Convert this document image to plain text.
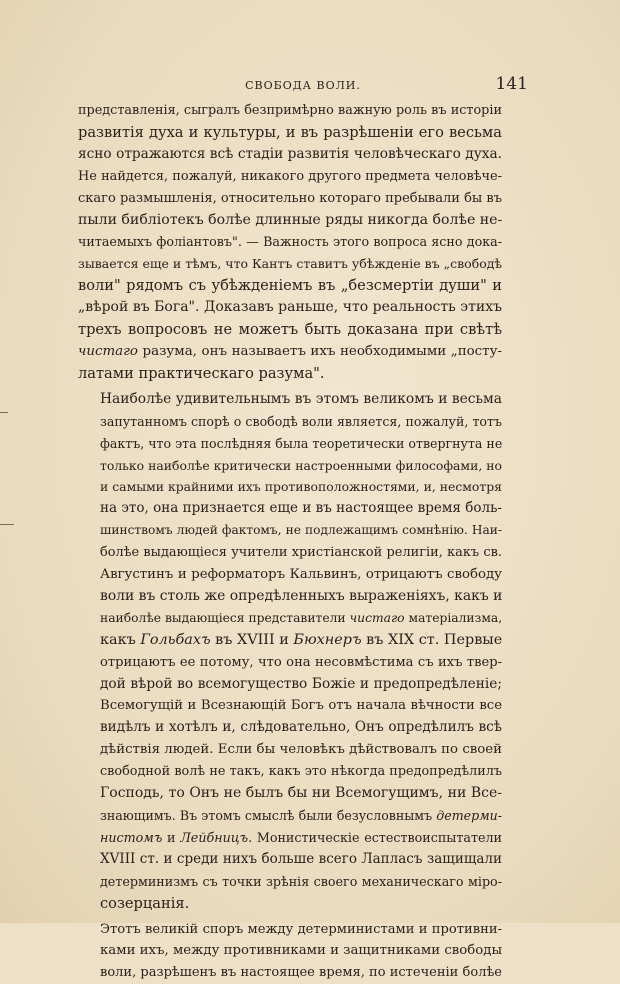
СВОБОДА ВОЛИ.	141

представленія, сыгралъ безпримѣрно важную роль въ исторіи
развитія духа и культуры, и въ разрѣшеніи его весьма
ясно отражаются всѣ стадіи развитія человѣческаго духа.
Не найдется, пожалуй, никакого другого предмета человѣче-
скаго размышленія, относительно котораго пребывали бы въ
пыли библіотекъ болѣе длинные ряды никогда болѣе не-
читаемыхъ фоліантовъ". — Важность этого вопроса ясно дока-
зывается еще и тѣмъ, что Кантъ ставитъ убѣжденіе въ „свободѣ
воли" рядомъ съ убѣжденіемъ въ „безсмертіи души" и
„вѣрой въ Бога". Доказавъ раньше, что реальность этихъ
трехъ вопросовъ не можетъ быть доказана при свѣтѣ
чистаго разума, онъ называетъ ихъ необходимыми „посту-
латами практическаго разума".

Наиболѣе удивительнымъ въ этомъ великомъ и весьма
запутанномъ спорѣ о свободѣ воли является, пожалуй, тотъ
фактъ, что эта послѣдняя была теоретически отвергнута не
только наиболѣе критически настроенными философами, но
и самыми крайними ихъ противоположностями, и, несмотря
на это, она признается еще и въ настоящее время боль-
шинствомъ людей фактомъ, не подлежащимъ сомнѣнію. Наи-
болѣе выдающіеся учители христіанской религіи, какъ св.
Августинъ и реформаторъ Кальвинъ, отрицаютъ свободу
воли въ столь же опредѣленныхъ выраженіяхъ, какъ и
наиболѣе выдающіеся представители чистаго матеріализма,
какъ Гольбахъ въ XVIII и Бюхнеръ въ XIX ст. Первые
отрицаютъ ее потому, что она несовмѣстима съ ихъ твер-
дой вѣрой во всемогущество Божіе и предопредѣленіе;
Всемогущій и Всезнающій Богъ отъ начала вѣчности все
видѣлъ и хотѣлъ и, слѣдовательно, Онъ опредѣлилъ всѣ
дѣйствія людей. Если бы человѣкъ дѣйствовалъ по своей
свободной волѣ не такъ, какъ это нѣкогда предопредѣлилъ
Господь, то Онъ не былъ бы ни Всемогущимъ, ни Все-
знающимъ. Въ этомъ смыслѣ были безусловнымъ детерми-
нистомъ и Лейбницъ. Монистическіе естествоиспытатели
XVIII ст. и среди нихъ больше всего Лапласъ защищали
детерминизмъ съ точки зрѣнія своего механическаго міро-
созерцанія.

Этотъ великій споръ между детерминистами и противни-
ками ихъ, между противниками и защитниками свободы
воли, разрѣшенъ въ настоящее время, по истеченіи болѣе
